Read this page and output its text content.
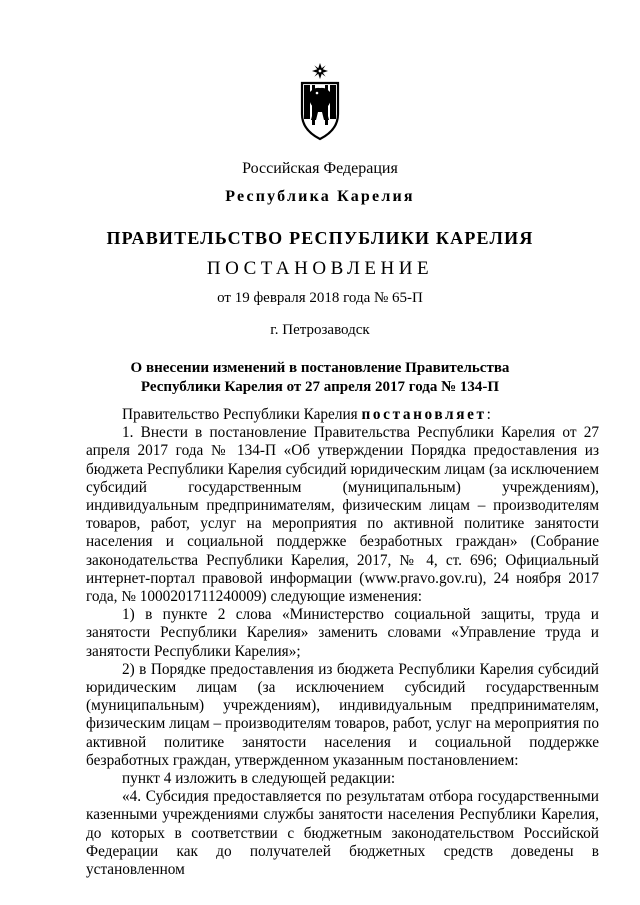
Российская Федерация
Республика Карелия
ПРАВИТЕЛЬСТВО РЕСПУБЛИКИ КАРЕЛИЯ
ПОСТАНОВЛЕНИЕ
от 19 февраля 2018 года № 65-П
г. Петрозаводск
О внесении изменений в постановление Правительства
Республики Карелия от 27 апреля 2017 года № 134-П

Правительство Республики Карелия постановляет:

1. Внести в постановление Правительства Республики Карелия от 27 апреля 2017 года № 134-П «Об утверждении Порядка предоставления из бюджета Республики Карелия субсидий юридическим лицам (за исключением субсидий государственным (муниципальным) учреждениям), индивидуальным предпринимателям, физическим лицам – производителям товаров, работ, услуг на мероприятия по активной политике занятости населения и социальной поддержке безработных граждан» (Собрание законодательства Республики Карелия, 2017, № 4, ст. 696; Официальный интернет-портал правовой информации (www.pravo.gov.ru), 24 ноября 2017 года, № 1000201711240009) следующие изменения:

1) в пункте 2 слова «Министерство социальной защиты, труда и занятости Республики Карелия» заменить словами «Управление труда и занятости Республики Карелия»;

2) в Порядке предоставления из бюджета Республики Карелия субсидий юридическим лицам (за исключением субсидий государственным (муниципальным) учреждениям), индивидуальным предпринимателям, физическим лицам – производителям товаров, работ, услуг на мероприятия по активной политике занятости населения и социальной поддержке безработных граждан, утвержденном указанным постановлением:

пункт 4 изложить в следующей редакции:

«4. Субсидия предоставляется по результатам отбора государственными казенными учреждениями службы занятости населения Республики Карелия, до которых в соответствии с бюджетным законодательством Российской Федерации как до получателей бюджетных средств доведены в установленном
